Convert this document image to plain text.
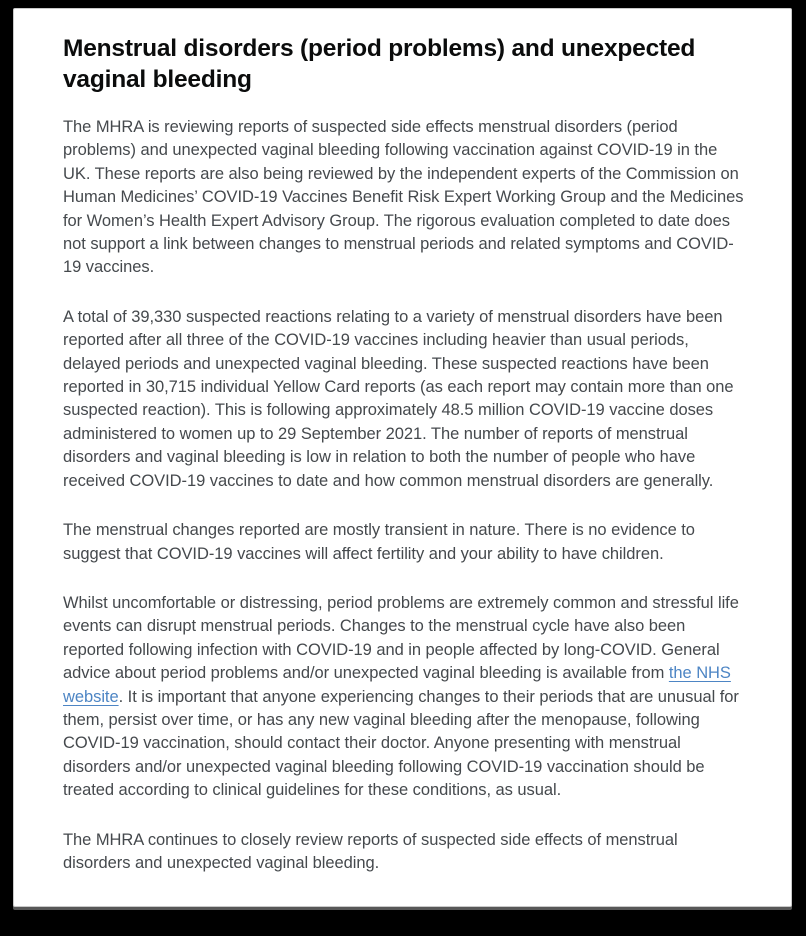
Menstrual disorders (period problems) and unexpected vaginal bleeding

The MHRA is reviewing reports of suspected side effects menstrual disorders (period problems) and unexpected vaginal bleeding following vaccination against COVID-19 in the UK. These reports are also being reviewed by the independent experts of the Commission on Human Medicines’ COVID-19 Vaccines Benefit Risk Expert Working Group and the Medicines for Women’s Health Expert Advisory Group. The rigorous evaluation completed to date does not support a link between changes to menstrual periods and related symptoms and COVID-19 vaccines.

A total of 39,330 suspected reactions relating to a variety of menstrual disorders have been reported after all three of the COVID-19 vaccines including heavier than usual periods, delayed periods and unexpected vaginal bleeding. These suspected reactions have been reported in 30,715 individual Yellow Card reports (as each report may contain more than one suspected reaction). This is following approximately 48.5 million COVID-19 vaccine doses administered to women up to 29 September 2021. The number of reports of menstrual disorders and vaginal bleeding is low in relation to both the number of people who have received COVID-19 vaccines to date and how common menstrual disorders are generally.

The menstrual changes reported are mostly transient in nature. There is no evidence to suggest that COVID-19 vaccines will affect fertility and your ability to have children.

Whilst uncomfortable or distressing, period problems are extremely common and stressful life events can disrupt menstrual periods. Changes to the menstrual cycle have also been reported following infection with COVID-19 and in people affected by long-COVID. General advice about period problems and/or unexpected vaginal bleeding is available from the NHS website. It is important that anyone experiencing changes to their periods that are unusual for them, persist over time, or has any new vaginal bleeding after the menopause, following COVID-19 vaccination, should contact their doctor. Anyone presenting with menstrual disorders and/or unexpected vaginal bleeding following COVID-19 vaccination should be treated according to clinical guidelines for these conditions, as usual.

The MHRA continues to closely review reports of suspected side effects of menstrual disorders and unexpected vaginal bleeding.
